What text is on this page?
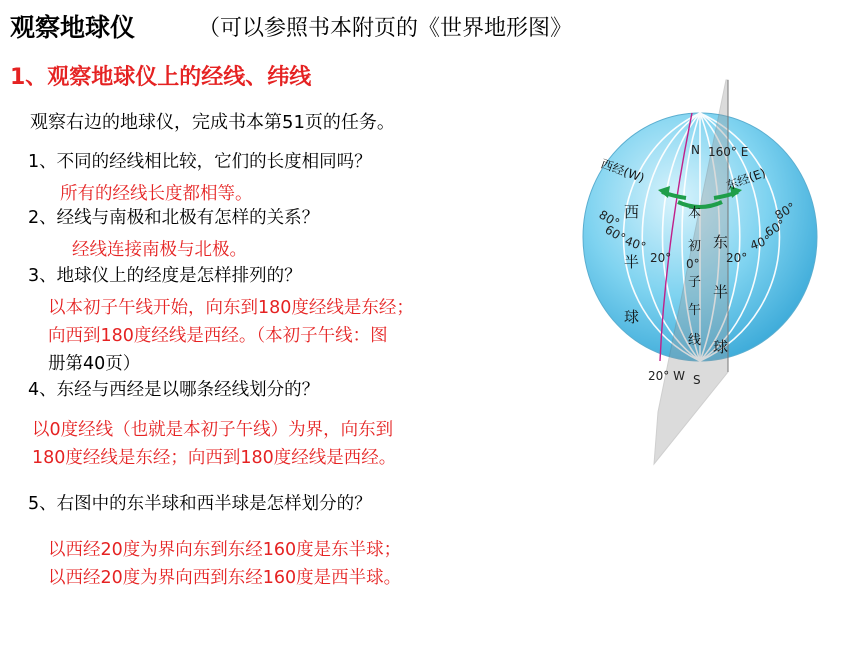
观察地球仪	（可以参照书本附页的《世界地形图》
1、观察地球仪上的经线、纬线
观察右边的地球仪，完成书本第51页的任务。
1、不同的经线相比较，它们的长度相同吗？
所有的经线长度都相等。
2、经线与南极和北极有怎样的关系？
经线连接南极与北极。
3、地球仪上的经度是怎样排列的？
以本初子午线开始，向东到180度经线是东经；
向西到180度经线是西经。（本初子午线：图
册第40页）
4、东经与西经是以哪条经线划分的？
以0度经线（也就是本初子午线）为界，向东到
180度经线是东经；向西到180度经线是西经。
5、右图中的东半球和西半球是怎样划分的？
以西经20度为界向东到东经160度是东半球；
以西经20度为界向西到东经160度是西半球。
N
S
160° E
20° W
西经(W)	东经(E)
西
半
球
东
半
球
本
初
0°
子
午
线
80°
60°
40°
20°
80°
60°
40°
20°
